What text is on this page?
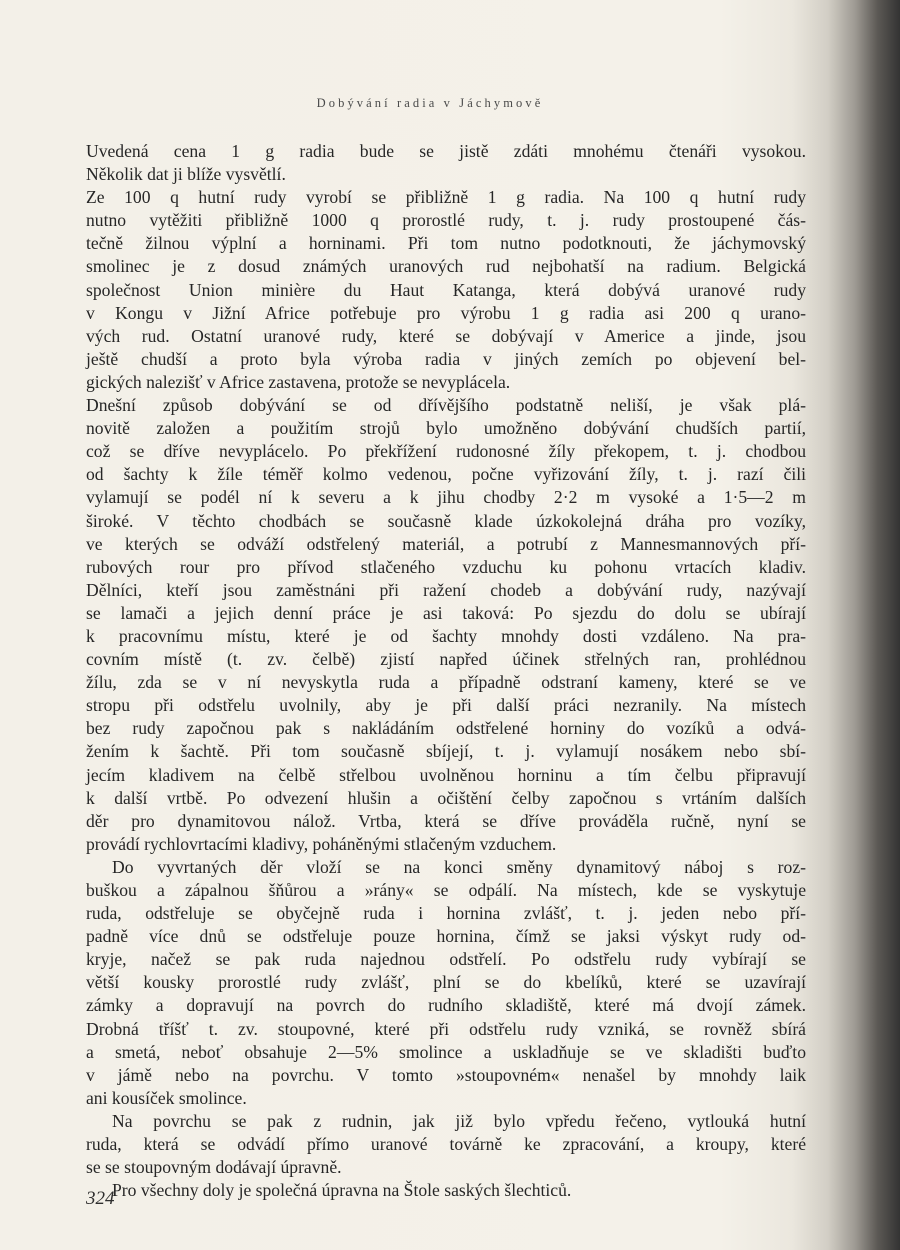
Dobývání radia v Jáchymově

Uvedená cena 1 g radia bude se jistě zdáti mnohému čtenáři vysokou.

Několik dat ji blíže vysvětlí.

Ze 100 q hutní rudy vyrobí se přibližně 1 g radia. Na 100 q hutní rudy

nutno vytěžiti přibližně 1000 q prorostlé rudy, t. j. rudy prostoupené čás-

tečně žilnou výplní a horninami. Při tom nutno podotknouti, že jáchymovský

smolinec je z dosud známých uranových rud nejbohatší na radium. Belgická

společnost Union minière du Haut Katanga, která dobývá uranové rudy

v Kongu v Jižní Africe potřebuje pro výrobu 1 g radia asi 200 q urano-

vých rud. Ostatní uranové rudy, které se dobývají v Americe a jinde, jsou

ještě chudší a proto byla výroba radia v jiných zemích po objevení bel-

gických nalezišť v Africe zastavena, protože se nevyplácela.

Dnešní způsob dobývání se od dřívějšího podstatně neliší, je však plá-

novitě založen a použitím strojů bylo umožněno dobývání chudších partií,

což se dříve nevyplácelo. Po překřížení rudonosné žíly překopem, t. j. chodbou

od šachty k žíle téměř kolmo vedenou, počne vyřizování žíly, t. j. razí čili

vylamují se podél ní k severu a k jihu chodby 2·2 m vysoké a 1·5—2 m

široké. V těchto chodbách se současně klade úzkokolejná dráha pro vozíky,

ve kterých se odváží odstřelený materiál, a potrubí z Mannesmannových pří-

rubových rour pro přívod stlačeného vzduchu ku pohonu vrtacích kladiv.

Dělníci, kteří jsou zaměstnáni při ražení chodeb a dobývání rudy, nazývají

se lamači a jejich denní práce je asi taková: Po sjezdu do dolu se ubírají

k pracovnímu místu, které je od šachty mnohdy dosti vzdáleno. Na pra-

covním místě (t. zv. čelbě) zjistí napřed účinek střelných ran, prohlédnou

žílu, zda se v ní nevyskytla ruda a případně odstraní kameny, které se ve

stropu při odstřelu uvolnily, aby je při další práci nezranily. Na místech

bez rudy započnou pak s nakládáním odstřelené horniny do vozíků a odvá-

žením k šachtě. Při tom současně sbíjejí, t. j. vylamují nosákem nebo sbí-

jecím kladivem na čelbě střelbou uvolněnou horninu a tím čelbu připravují

k další vrtbě. Po odvezení hlušin a očištění čelby započnou s vrtáním dalších

děr pro dynamitovou nálož. Vrtba, která se dříve prováděla ručně, nyní se

provádí rychlovrtacími kladivy, poháněnými stlačeným vzduchem.

Do vyvrtaných děr vloží se na konci směny dynamitový náboj s roz-

buškou a zápalnou šňůrou a »rány« se odpálí. Na místech, kde se vyskytuje

ruda, odstřeluje se obyčejně ruda i hornina zvlášť, t. j. jeden nebo pří-

padně více dnů se odstřeluje pouze hornina, čímž se jaksi výskyt rudy od-

kryje, načež se pak ruda najednou odstřelí. Po odstřelu rudy vybírají se

větší kousky prorostlé rudy zvlášť, plní se do kbelíků, které se uzavírají

zámky a dopravují na povrch do rudního skladiště, které má dvojí zámek.

Drobná tříšť t. zv. stoupovné, které při odstřelu rudy vzniká, se rovněž sbírá

a smetá, neboť obsahuje 2—5% smolince a uskladňuje se ve skladišti buďto

v jámě nebo na povrchu. V tomto »stoupovném« nenašel by mnohdy laik

ani kousíček smolince.

Na povrchu se pak z rudnin, jak již bylo vpředu řečeno, vytlouká hutní

ruda, která se odvádí přímo uranové továrně ke zpracování, a kroupy, které

se se stoupovným dodávají úpravně.

Pro všechny doly je společná úpravna na Štole saských šlechticů.

324
